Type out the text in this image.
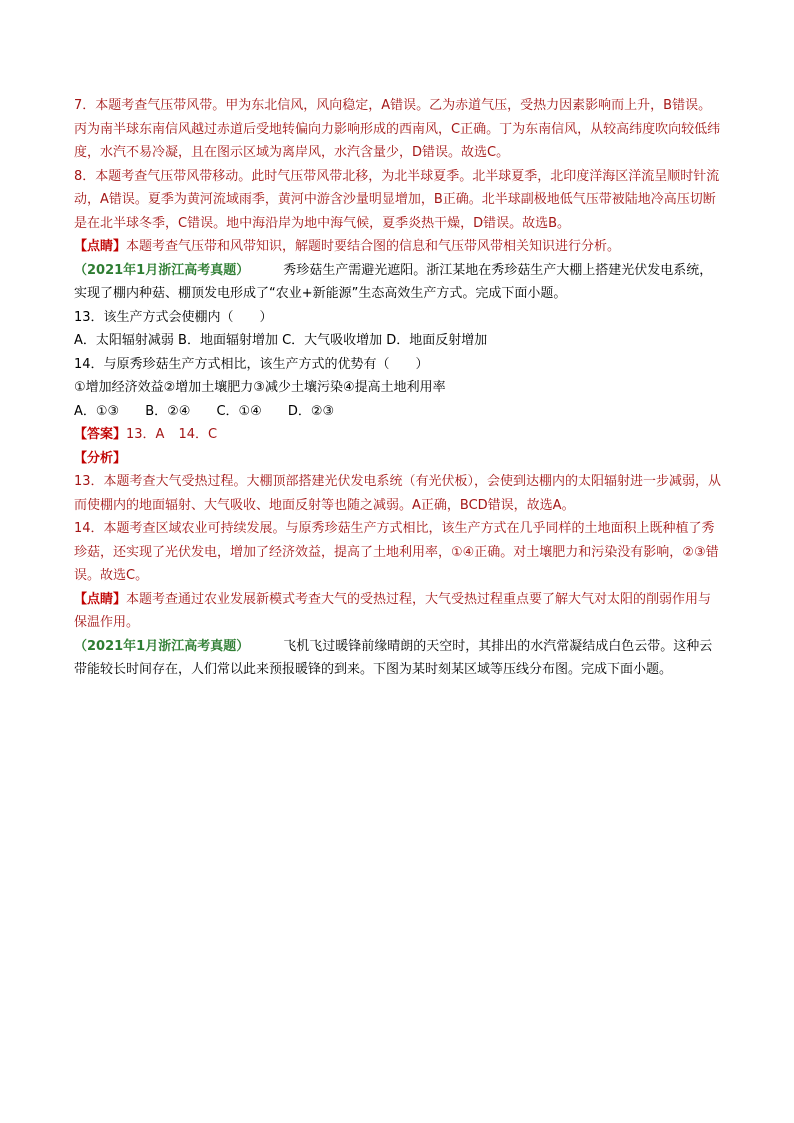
7．本题考查气压带风带。甲为东北信风，风向稳定，A错误。乙为赤道气压，受热力因素影响而上升，B错误。丙为南半球东南信风越过赤道后受地转偏向力影响形成的西南风，C正确。丁为东南信风，从较高纬度吹向较低纬度，水汽不易冷凝，且在图示区域为离岸风，水汽含量少，D错误。故选C。

8．本题考查气压带风带移动。此时气压带风带北移，为北半球夏季。北半球夏季，北印度洋海区洋流呈顺时针流动，A错误。夏季为黄河流域雨季，黄河中游含沙量明显增加，B正确。北半球副极地低气压带被陆地冷高压切断是在北半球冬季，C错误。地中海沿岸为地中海气候，夏季炎热干燥，D错误。故选B。

【点睛】本题考查气压带和风带知识，解题时要结合图的信息和气压带风带相关知识进行分析。

（2021年1月浙江高考真题）	秀珍菇生产需避光遮阳。浙江某地在秀珍菇生产大棚上搭建光伏发电系统，实现了棚内种菇、棚顶发电形成了“农业+新能源”生态高效生产方式。完成下面小题。

13．该生产方式会使棚内（　　）

A．太阳辐射减弱 B．地面辐射增加 C．大气吸收增加 D．地面反射增加

14．与原秀珍菇生产方式相比，该生产方式的优势有（　　）

①增加经济效益②增加土壤肥力③减少土壤污染④提高土地利用率

A．①③ B．②④ C．①④ D．②③

【答案】13．A 14．C

【分析】

13．本题考查大气受热过程。大棚顶部搭建光伏发电系统（有光伏板），会使到达棚内的太阳辐射进一步减弱，从而使棚内的地面辐射、大气吸收、地面反射等也随之减弱。A正确，BCD错误，故选A。

14．本题考查区域农业可持续发展。与原秀珍菇生产方式相比，该生产方式在几乎同样的土地面积上既种植了秀珍菇，还实现了光伏发电，增加了经济效益，提高了土地利用率，①④正确。对土壤肥力和污染没有影响，②③错误。故选C。

【点睛】本题考查通过农业发展新模式考查大气的受热过程，大气受热过程重点要了解大气对太阳的削弱作用与保温作用。

（2021年1月浙江高考真题）	飞机飞过暖锋前缘晴朗的天空时，其排出的水汽常凝结成白色云带。这种云带能较长时间存在，人们常以此来预报暖锋的到来。下图为某时刻某区域等压线分布图。完成下面小题。
